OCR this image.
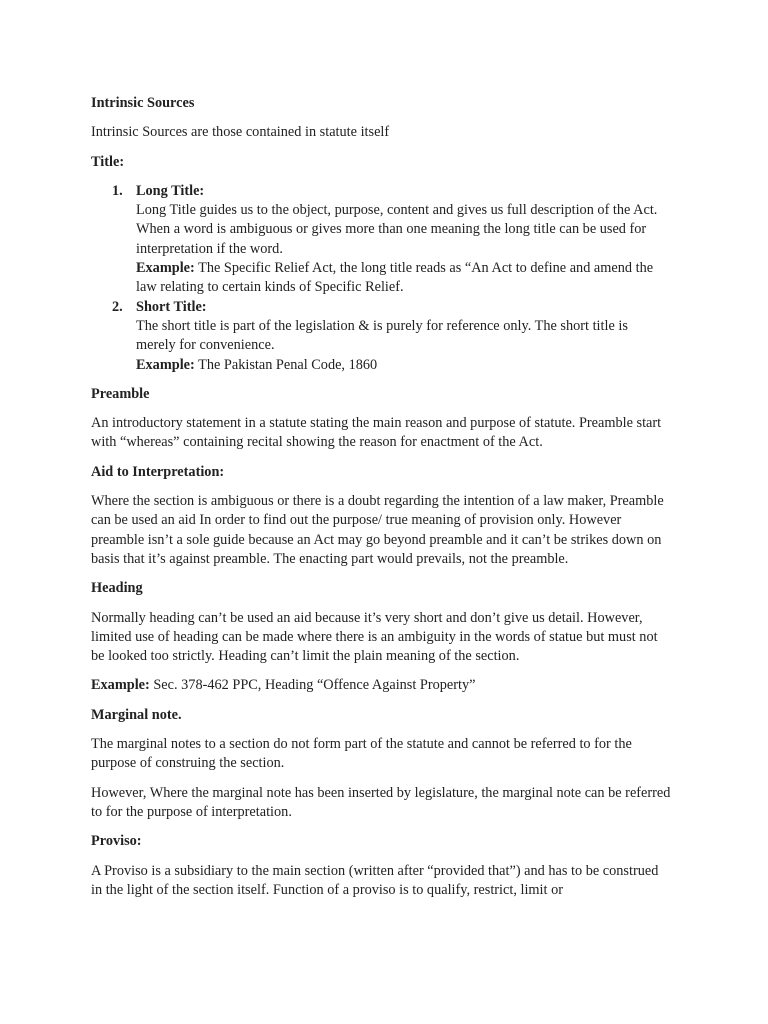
Intrinsic Sources
Intrinsic Sources are those contained in statute itself
Title:
1. Long Title:
Long Title guides us to the object, purpose, content and gives us full description of the Act. When a word is ambiguous or gives more than one meaning the long title can be used for interpretation if the word.
Example: The Specific Relief Act, the long title reads as “An Act to define and amend the law relating to certain kinds of Specific Relief.
2. Short Title:
The short title is part of the legislation & is purely for reference only. The short title is merely for convenience.
Example: The Pakistan Penal Code, 1860
Preamble
An introductory statement in a statute stating the main reason and purpose of statute. Preamble start with “whereas” containing recital showing the reason for enactment of the Act.
Aid to Interpretation:
Where the section is ambiguous or there is a doubt regarding the intention of a law maker, Preamble can be used an aid In order to find out the purpose/ true meaning of provision only. However preamble isn’t a sole guide because an Act may go beyond preamble and it can’t be strikes down on basis that it’s against preamble. The enacting part would prevails, not the preamble.
Heading
Normally heading can’t be used an aid because it’s very short and don’t give us detail. However, limited use of heading can be made where there is an ambiguity in the words of statue but must not be looked too strictly. Heading can’t limit the plain meaning of the section.
Example: Sec. 378-462 PPC, Heading “Offence Against Property”
Marginal note.
The marginal notes to a section do not form part of the statute and cannot be referred to for the purpose of construing the section.
However, Where the marginal note has been inserted by legislature, the marginal note can be referred to for the purpose of interpretation.
Proviso:
A Proviso is a subsidiary to the main section (written after “provided that”) and has to be construed in the light of the section itself. Function of a proviso is to qualify, restrict, limit or
